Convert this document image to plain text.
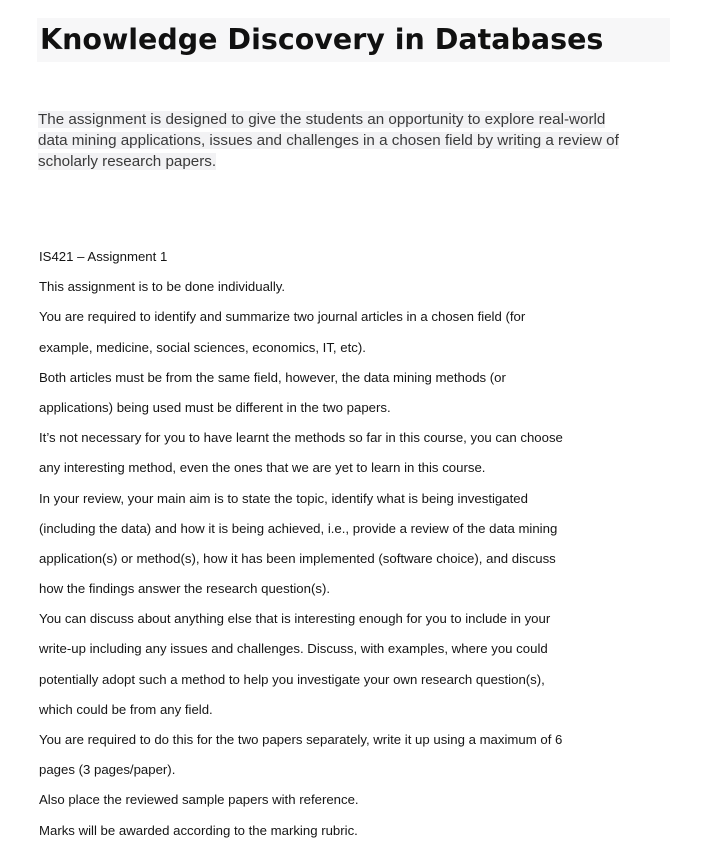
Knowledge Discovery in Databases

The assignment is designed to give the students an opportunity to explore real-world data mining applications, issues and challenges in a chosen field by writing a review of scholarly research papers.

IS421 – Assignment 1
This assignment is to be done individually.
You are required to identify and summarize two journal articles in a chosen field (for
example, medicine, social sciences, economics, IT, etc).
Both articles must be from the same field, however, the data mining methods (or
applications) being used must be different in the two papers.
It’s not necessary for you to have learnt the methods so far in this course, you can choose
any interesting method, even the ones that we are yet to learn in this course.
In your review, your main aim is to state the topic, identify what is being investigated
(including the data) and how it is being achieved, i.e., provide a review of the data mining
application(s) or method(s), how it has been implemented (software choice), and discuss
how the findings answer the research question(s).
You can discuss about anything else that is interesting enough for you to include in your
write-up including any issues and challenges. Discuss, with examples, where you could
potentially adopt such a method to help you investigate your own research question(s),
which could be from any field.
You are required to do this for the two papers separately, write it up using a maximum of 6
pages (3 pages/paper).
Also place the reviewed sample papers with reference.
Marks will be awarded according to the marking rubric.
